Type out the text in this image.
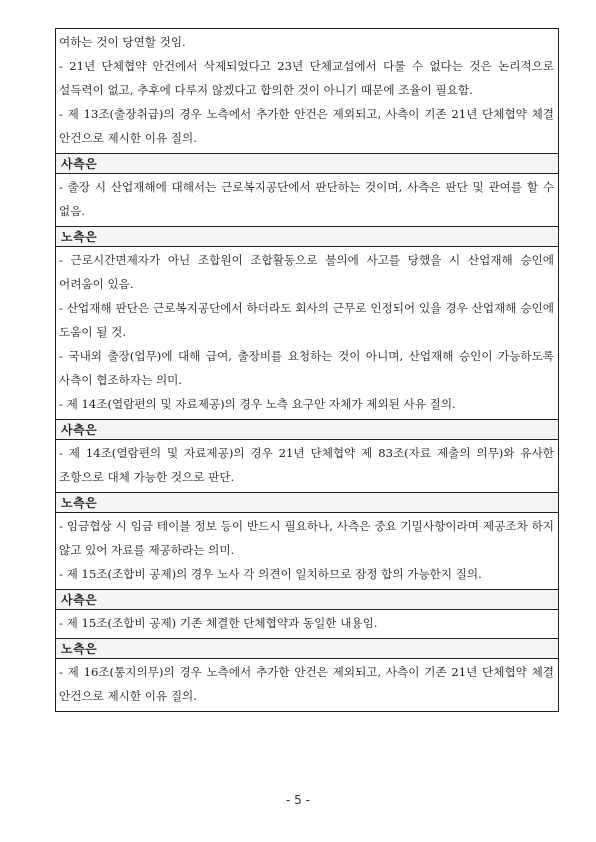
여하는 것이 당연할 것임.

- 21년 단체협약 안건에서 삭제되었다고 23년 단체교섭에서 다룰 수 없다는 것은 논리적으로 설득력이 없고, 추후에 다루지 않겠다고 합의한 것이 아니기 때문에 조율이 필요함.

- 제 13조(출장취급)의 경우 노측에서 추가한 안건은 제외되고, 사측이 기존 21년 단체협약 체결 안건으로 제시한 이유 질의.

사측은

- 출장 시 산업재해에 대해서는 근로복지공단에서 판단하는 것이며, 사측은 판단 및 관여를 할 수 없음.

노측은

- 근로시간면제자가 아닌 조합원이 조합활동으로 불의에 사고를 당했을 시 산업재해 승인에 어려움이 있음.

- 산업재해 판단은 근로복지공단에서 하더라도 회사의 근무로 인정되어 있을 경우 산업재해 승인에 도움이 될 것.

- 국내외 출장(업무)에 대해 급여, 출장비를 요청하는 것이 아니며, 산업재해 승인이 가능하도록 사측이 협조하자는 의미.

- 제 14조(열람편의 및 자료제공)의 경우 노측 요구안 자체가 제외된 사유 질의.

사측은

- 제 14조(열람편의 및 자료제공)의 경우 21년 단체협약 제 83조(자료 제출의 의무)와 유사한 조항으로 대체 가능한 것으로 판단.

노측은

- 임금협상 시 임금 테이블 정보 등이 반드시 필요하나, 사측은 중요 기밀사항이라며 제공조차 하지 않고 있어 자료를 제공하라는 의미.

- 제 15조(조합비 공제)의 경우 노사 각 의견이 일치하므로 잠정 합의 가능한지 질의.

사측은

- 제 15조(조합비 공제) 기존 체결한 단체협약과 동일한 내용임.

노측은

- 제 16조(통지의무)의 경우 노측에서 추가한 안건은 제외되고, 사측이 기존 21년 단체협약 체결 안건으로 제시한 이유 질의.

- 5 -
